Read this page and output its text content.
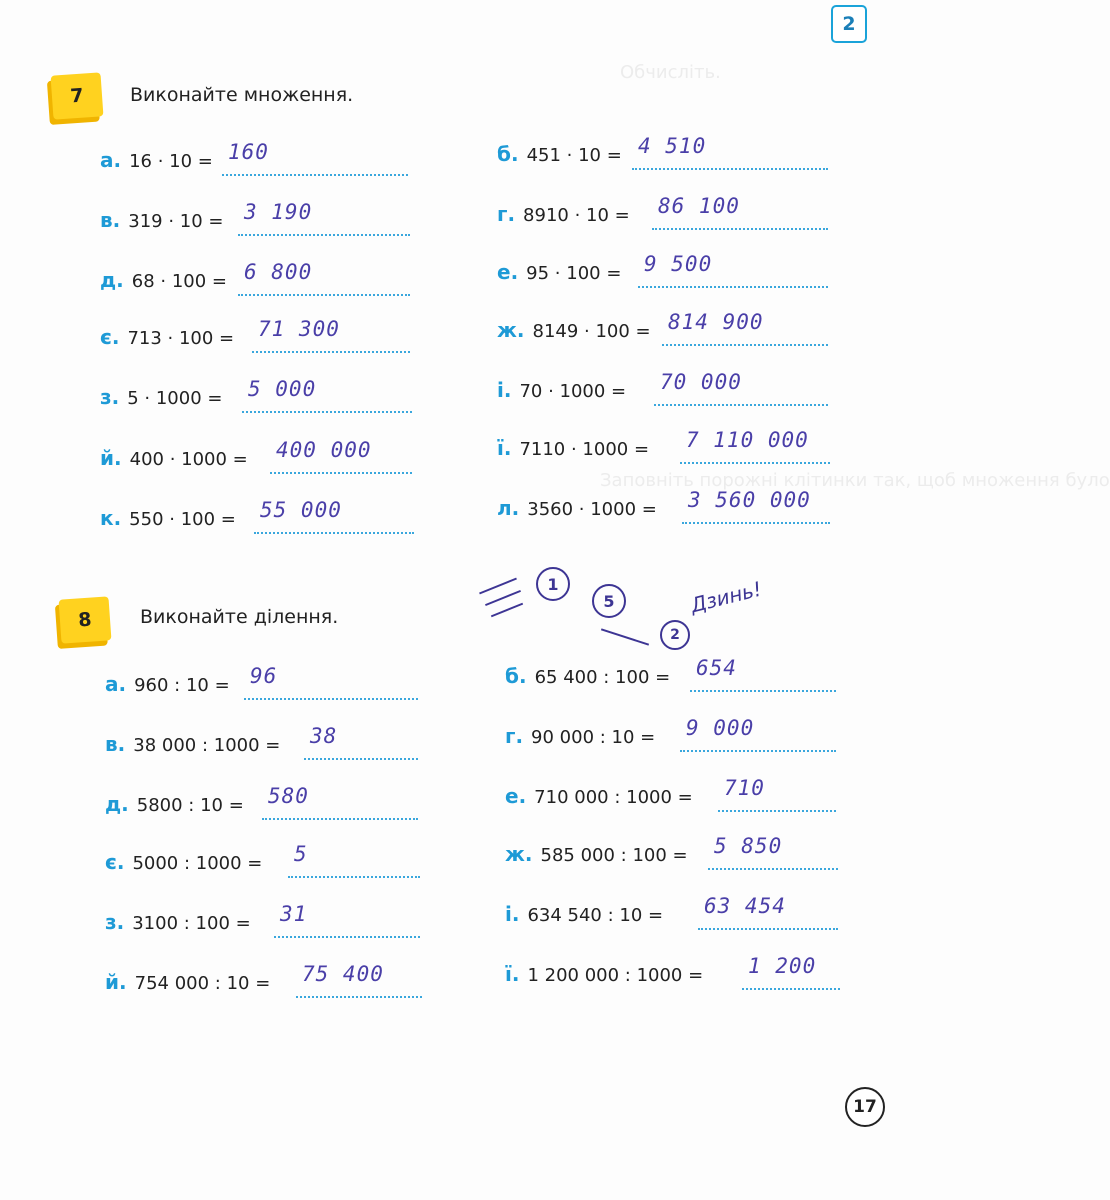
Обчисліть.
Заповніть порожні клітинки так, щоб множення було
2
7 Виконайте множення.
а. 16 · 10 = 160	б. 451 · 10 = 4 510
в. 319 · 10 = 3 190	г. 8910 · 10 = 86 100
д. 68 · 100 = 6 800	е. 95 · 100 = 9 500
є. 713 · 100 = 71 300	ж. 8149 · 100 = 814 900
з. 5 · 1000 = 5 000	і. 70 · 1000 = 70 000
й. 400 · 1000 = 400 000	ї. 7110 · 1000 = 7 110 000
к. 550 · 100 = 55 000	л. 3560 · 1000 = 3 560 000
8	Виконайте ділення.
а. 960 : 10 = 96	б. 65 400 : 100 = 654
в. 38 000 : 1000 = 38	г. 90 000 : 10 = 9 000
д. 5800 : 10 = 580	е. 710 000 : 1000 = 710
є. 5000 : 1000 = 5	ж. 585 000 : 100 = 5 850
з. 3100 : 100 = 31	і. 634 540 : 10 = 63 454
й. 754 000 : 10 = 75 400	ї. 1 200 000 : 1000 = 1 200
1
5
2
Дзинь!
17
